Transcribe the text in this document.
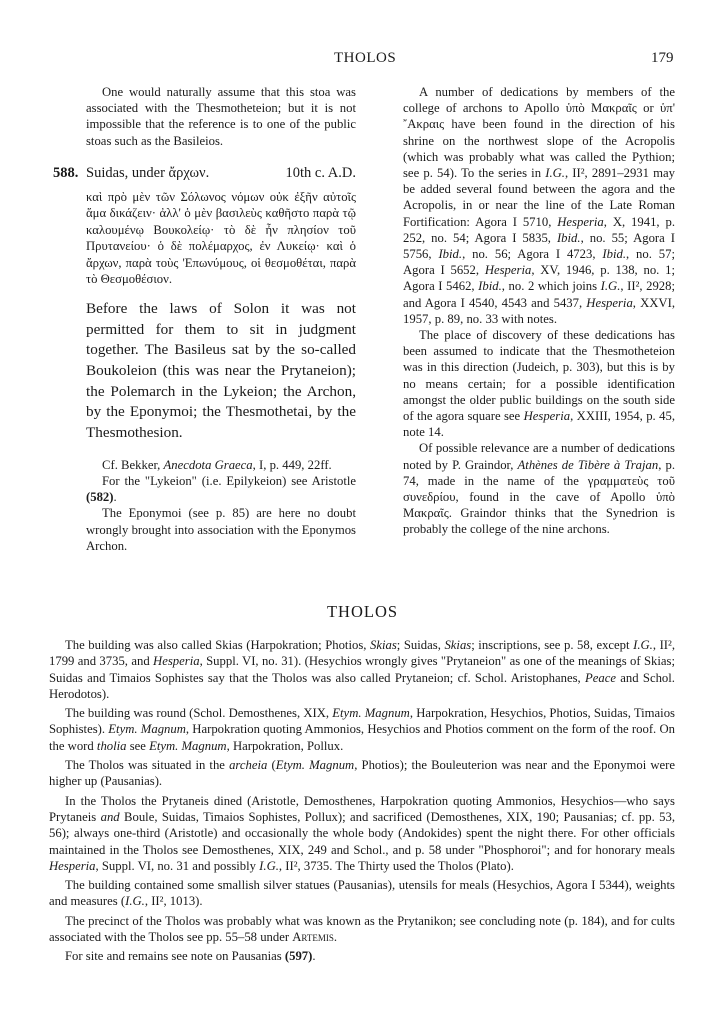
THOLOS	179

One would naturally assume that this stoa was associated with the Thesmotheteion; but it is not impossible that the reference is to one of the public stoas such as the Basileios.

588. Suidas, under ἄρχων.	10th c. A.D.

καὶ πρὸ μὲν τῶν Σόλωνος νόμων οὐκ ἐξῆν αὐτοῖς ἅμα δικάζειν· ἀλλ' ὁ μὲν βασιλεὺς καθῆστο παρὰ τῷ καλουμένῳ Βουκολείῳ· τὸ δὲ ἦν πλησίον τοῦ Πρυτανείου· ὁ δὲ πολέμαρχος, ἐν Λυκείῳ· καὶ ὁ ἄρχων, παρὰ τοὺς 'Επωνύμους, οἱ θεσμοθέται, παρὰ τὸ Θεσμοθέσιον.

Before the laws of Solon it was not permitted for them to sit in judgment together. The Basileus sat by the so-called Boukoleion (this was near the Prytaneion); the Polemarch in the Lykeion; the Archon, by the Eponymoi; the Thesmothetai, by the Thesmothesion.

Cf. Bekker, Anecdota Graeca, I, p. 449, 22ff.

For the "Lykeion" (i.e. Epilykeion) see Aristotle (582).

The Eponymoi (see p. 85) are here no doubt wrongly brought into association with the Eponymos Archon.

A number of dedications by members of the college of archons to Apollo ὑπὸ Μακραῖς or ὑπ' ῎Ακραις have been found in the direction of his shrine on the northwest slope of the Acropolis (which was probably what was called the Pythion; see p. 54). To the series in I.G., II², 2891–2931 may be added several found between the agora and the Acropolis, in or near the line of the Late Roman Fortification: Agora I 5710, Hesperia, X, 1941, p. 252, no. 54; Agora I 5835, Ibid., no. 55; Agora I 5756, Ibid., no. 56; Agora I 4723, Ibid., no. 57; Agora I 5652, Hesperia, XV, 1946, p. 138, no. 1; Agora I 5462, Ibid., no. 2 which joins I.G., II², 2928; and Agora I 4540, 4543 and 5437, Hesperia, XXVI, 1957, p. 89, no. 33 with notes.

The place of discovery of these dedications has been assumed to indicate that the Thesmotheteion was in this direction (Judeich, p. 303), but this is by no means certain; for a possible identification amongst the older public buildings on the south side of the agora square see Hesperia, XXIII, 1954, p. 45, note 14.

Of possible relevance are a number of dedications noted by P. Graindor, Athènes de Tibère à Trajan, p. 74, made in the name of the γραμματεὺς τοῦ συνεδρίου, found in the cave of Apollo ὑπὸ Μακραῖς. Graindor thinks that the Synedrion is probably the college of the nine archons.

THOLOS

The building was also called Skias (Harpokration; Photios, Skias; Suidas, Skias; inscriptions, see p. 58, except I.G., II², 1799 and 3735, and Hesperia, Suppl. VI, no. 31). (Hesychios wrongly gives "Prytaneion" as one of the meanings of Skias; Suidas and Timaios Sophistes say that the Tholos was also called Prytaneion; cf. Schol. Aristophanes, Peace and Schol. Herodotos).

The building was round (Schol. Demosthenes, XIX, Etym. Magnum, Harpokration, Hesychios, Photios, Suidas, Timaios Sophistes). Etym. Magnum, Harpokration quoting Ammonios, Hesychios and Photios comment on the form of the roof. On the word tholia see Etym. Magnum, Harpokration, Pollux.

The Tholos was situated in the archeia (Etym. Magnum, Photios); the Bouleuterion was near and the Eponymoi were higher up (Pausanias).

In the Tholos the Prytaneis dined (Aristotle, Demosthenes, Harpokration quoting Ammonios, Hesychios—who says Prytaneis and Boule, Suidas, Timaios Sophistes, Pollux); and sacrificed (Demosthenes, XIX, 190; Pausanias; cf. pp. 53, 56); always one-third (Aristotle) and occasionally the whole body (Andokides) spent the night there. For other officials maintained in the Tholos see Demosthenes, XIX, 249 and Schol., and p. 58 under "Phosphoroi"; and for honorary meals Hesperia, Suppl. VI, no. 31 and possibly I.G., II², 3735. The Thirty used the Tholos (Plato).

The building contained some smallish silver statues (Pausanias), utensils for meals (Hesychios, Agora I 5344), weights and measures (I.G., II², 1013).

The precinct of the Tholos was probably what was known as the Prytanikon; see concluding note (p. 184), and for cults associated with the Tholos see pp. 55–58 under Artemis.

For site and remains see note on Pausanias (597).
